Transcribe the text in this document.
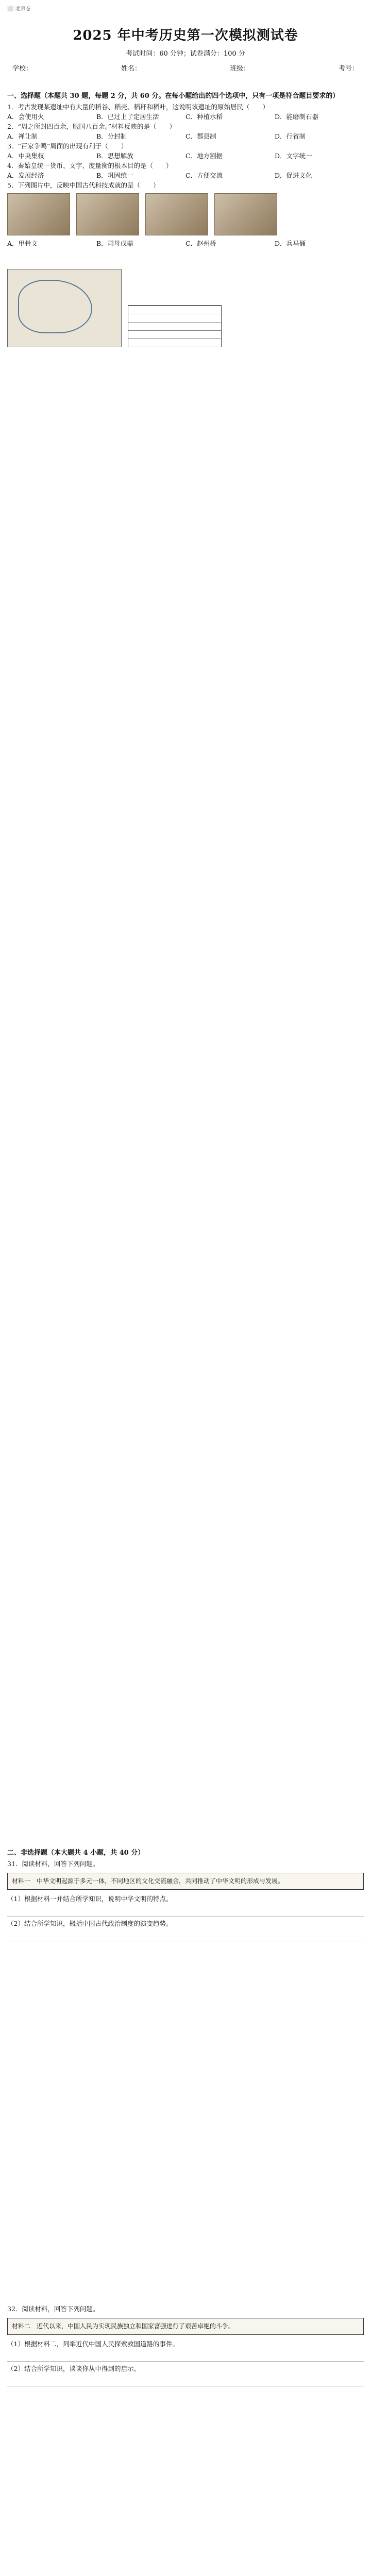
⬜ 北京卷
2025 年中考历史第一次模拟测试卷
考试时间：60 分钟；试卷满分：100 分
学校：	姓名：	班级：	考号：
一、选择题（本题共 30 题，每题 2 分，共 60 分。在每小题给出的四个选项中，只有一项是符合题目要求的）

1．考古发现某遗址中有大量的稻谷、稻壳、稻秆和稻叶，这说明该遗址的原始居民（　　）

A．会使用火	B．已过上了定居生活	C．种植水稻	D．能磨制石器

2．“周之所封四百余，服国八百余。”材料反映的是（　　）

A．禅让制	B．分封制	C．郡县制	D．行省制

3．“百家争鸣”局面的出现有利于（　　）

A．中央集权	B．思想解放	C．地方割据	D．文字统一

4．秦始皇统一货币、文字、度量衡的根本目的是（　　）

A．发展经济	B．巩固统一	C．方便交流	D．促进文化

5．下列图片中，反映中国古代科技成就的是（　　）

A．甲骨文	B．司母戊鼎	C．赵州桥	D．兵马俑
二、非选择题（本大题共 4 小题，共 40 分）

31．阅读材料，回答下列问题。

材料一　中华文明起源于多元一体，不同地区的文化交流融合，共同推动了中华文明的形成与发展。

（1）根据材料一并结合所学知识，说明中华文明的特点。

（2）结合所学知识，概括中国古代政治制度的演变趋势。

32．阅读材料，回答下列问题。

材料二　近代以来，中国人民为实现民族独立和国家富强进行了艰苦卓绝的斗争。

（1）根据材料二，列举近代中国人民探索救国道路的事件。

（2）结合所学知识，谈谈你从中得到的启示。
